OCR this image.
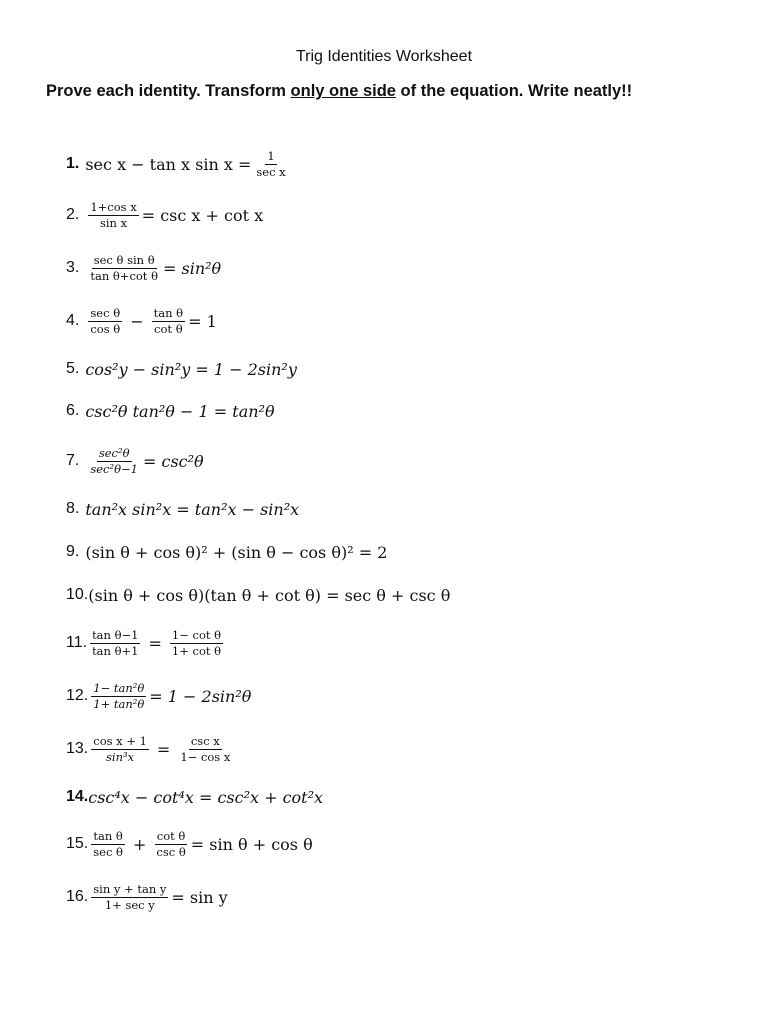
Trig Identities Worksheet
Prove each identity. Transform only one side of the equation. Write neatly!!
1. sec x − tan x $\sin x = \frac{1}{\text{sec x}}$
2. $\frac{\text{1+cos x}}{\text{sin x}} = \csc x + \cot x$
3. $\frac{\text{sec θ sin θ}}{\text{tan θ+cot θ}} = \sin^2\theta$
4. $\frac{\text{sec θ}}{\text{cos θ}} - \frac{\text{tan θ}}{\text{cot θ}} = 1$
5. cos²y − sin²y = 1 − 2sin²y
6. csc²θ tan²θ − 1 = tan²θ
7. $\frac{\text{sec²θ}}{\text{sec²θ−1}} = \csc^2\theta$
8. tan²x sin²x = tan²x − sin²x
9. (sin θ + cos θ)² + (sin θ − cos θ)² = 2
10. (sin θ + cos θ)(tan θ + cot θ) = sec θ + csc θ
11. $\frac{\text{tan θ−1}}{\text{tan θ+1}} = \frac{\text{1− cot θ}}{\text{1+ cot θ}}$
12. $\frac{\text{1− tan²θ}}{\text{1+ tan²θ}} = 1 - 2\sin^2\theta$
13. $\frac{\text{cos x + 1}}{\text{sin³x}} = \frac{\text{csc x}}{\text{1− cos x}}$
14. csc⁴x − cot⁴x = csc²x + cot²x
15. $\frac{\text{tan θ}}{\text{sec θ}} + \frac{\text{cot θ}}{\text{csc θ}} = \sin \theta + \cos \theta$
16. $\frac{\text{sin y + tan y}}{\text{1+ sec y}} = \sin y$
